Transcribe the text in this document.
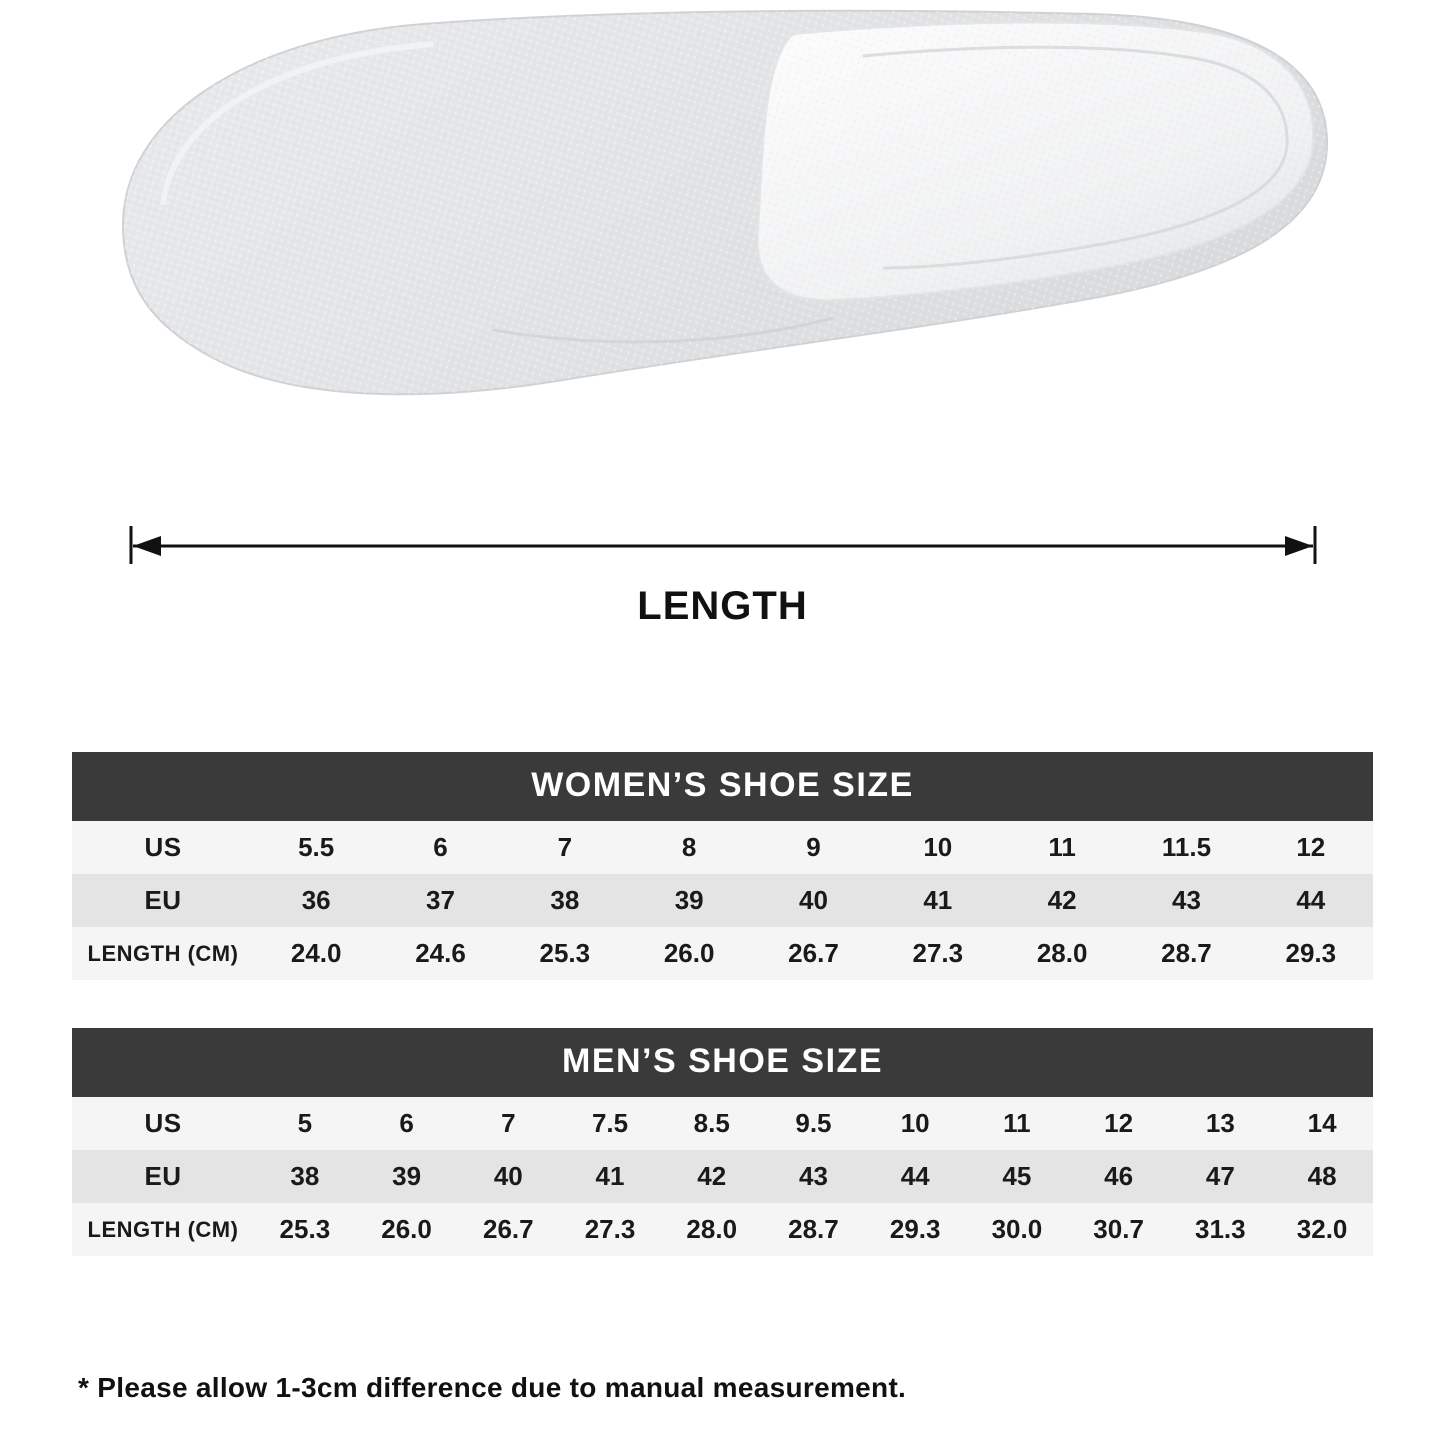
LENGTH
WOMEN’S SHOE SIZE
US	5.5	6	7	8	9	10	11	11.5	12
EU	36	37	38	39	40	41	42	43	44
LENGTH (CM)	24.0	24.6	25.3	26.0	26.7	27.3	28.0	28.7	29.3
MEN’S SHOE SIZE
US	5	6	7	7.5	8.5	9.5	10	11	12	13	14
EU	38	39	40	41	42	43	44	45	46	47	48
LENGTH (CM)	25.3	26.0	26.7	27.3	28.0	28.7	29.3	30.0	30.7	31.3	32.0
* Please allow 1-3cm difference due to manual measurement.
